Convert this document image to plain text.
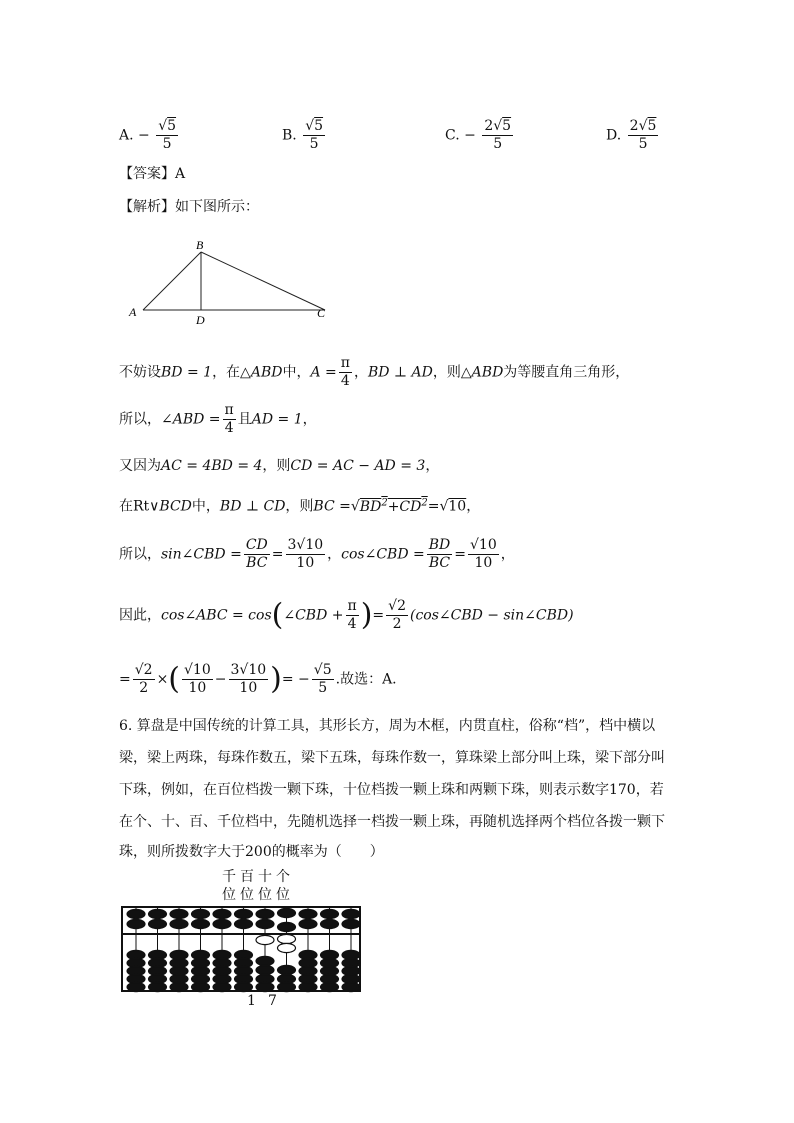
A. − $\frac{√5}{5}$	B. $\frac{√5}{5}$	C. − $\frac{2√5}{5}$	D. $\frac{2√5}{5}$
【答案】A
【解析】如下图所示：
B
A
D	C
不妨设BD = 1，在△ABD中，$A = \frac{\pi}{4}$ ，BD ⊥ AD，则△ABD为等腰直角三角形，
所以，∠ABD = $\frac{\pi}{4}$ 且AD = 1，
又因为AC = 4BD = 4，则CD = AC − AD = 3，
在Rt∨BCD中，BD ⊥ CD，则BC $=√BD^2+CD^2=√10$，
所以，sin∠CBD = $\frac{CD}{BC} = \frac{3√10}{10}$ ，cos∠CBD = $\frac{BD}{BC} = \frac{√10}{10}$ ，
因此，cos∠ABC = cos(∠CBD + $\frac{\pi}{4}$ )= $\frac{√2}{2}$ (cos∠CBD − sin∠CBD)
= $\frac{√2}{2}$ ×( $\frac{√10}{10} - \frac{3√10}{10}$ )= − $\frac{√5}{5}$ .故选：A.
6. 算盘是中国传统的计算工具，其形长方，周为木框，内贯直柱，俗称“档”，档中横以
梁，梁上两珠，每珠作数五，梁下五珠，每珠作数一，算珠梁上部分叫上珠，梁下部分叫
下珠，例如，在百位档拨一颗下珠，十位档拨一颗上珠和两颗下珠，则表示数字170，若
在个、十、百、千位档中，先随机选择一档拨一颗上珠，再随机选择两个档位各拨一颗下
珠，则所拨数字大于200的概率为（　　）
千百十个
位位位位
1 7
